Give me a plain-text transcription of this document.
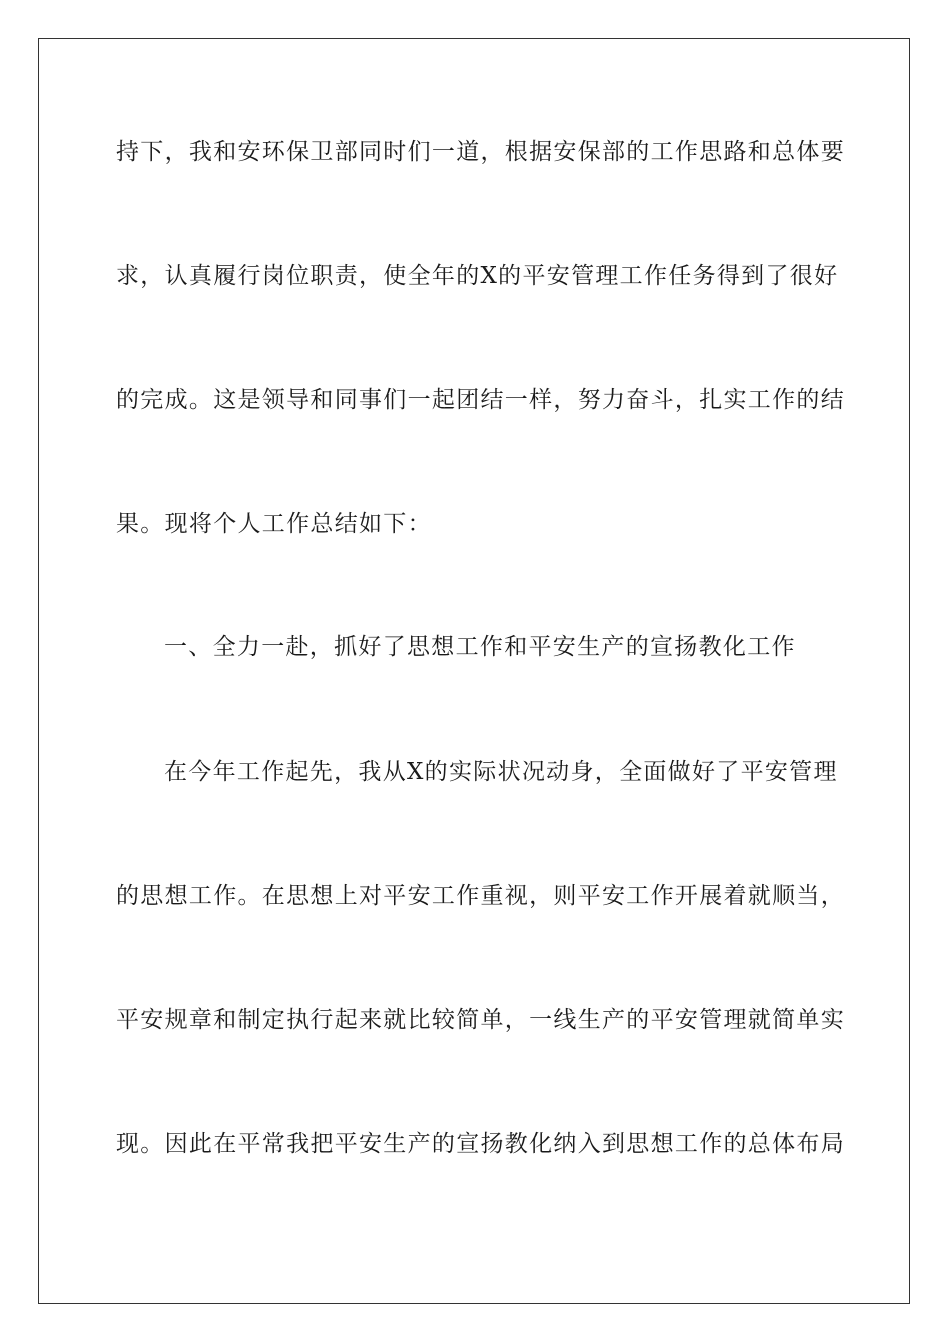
持下，我和安环保卫部同时们一道，根据安保部的工作思路和总体要
求，认真履行岗位职责，使全年的X的平安管理工作任务得到了很好
的完成。这是领导和同事们一起团结一样，努力奋斗，扎实工作的结
果。现将个人工作总结如下：
一、全力一赴，抓好了思想工作和平安生产的宣扬教化工作
在今年工作起先，我从X的实际状况动身，全面做好了平安管理
的思想工作。在思想上对平安工作重视，则平安工作开展着就顺当，
平安规章和制定执行起来就比较简单，一线生产的平安管理就简单实
现。因此在平常我把平安生产的宣扬教化纳入到思想工作的总体布局
